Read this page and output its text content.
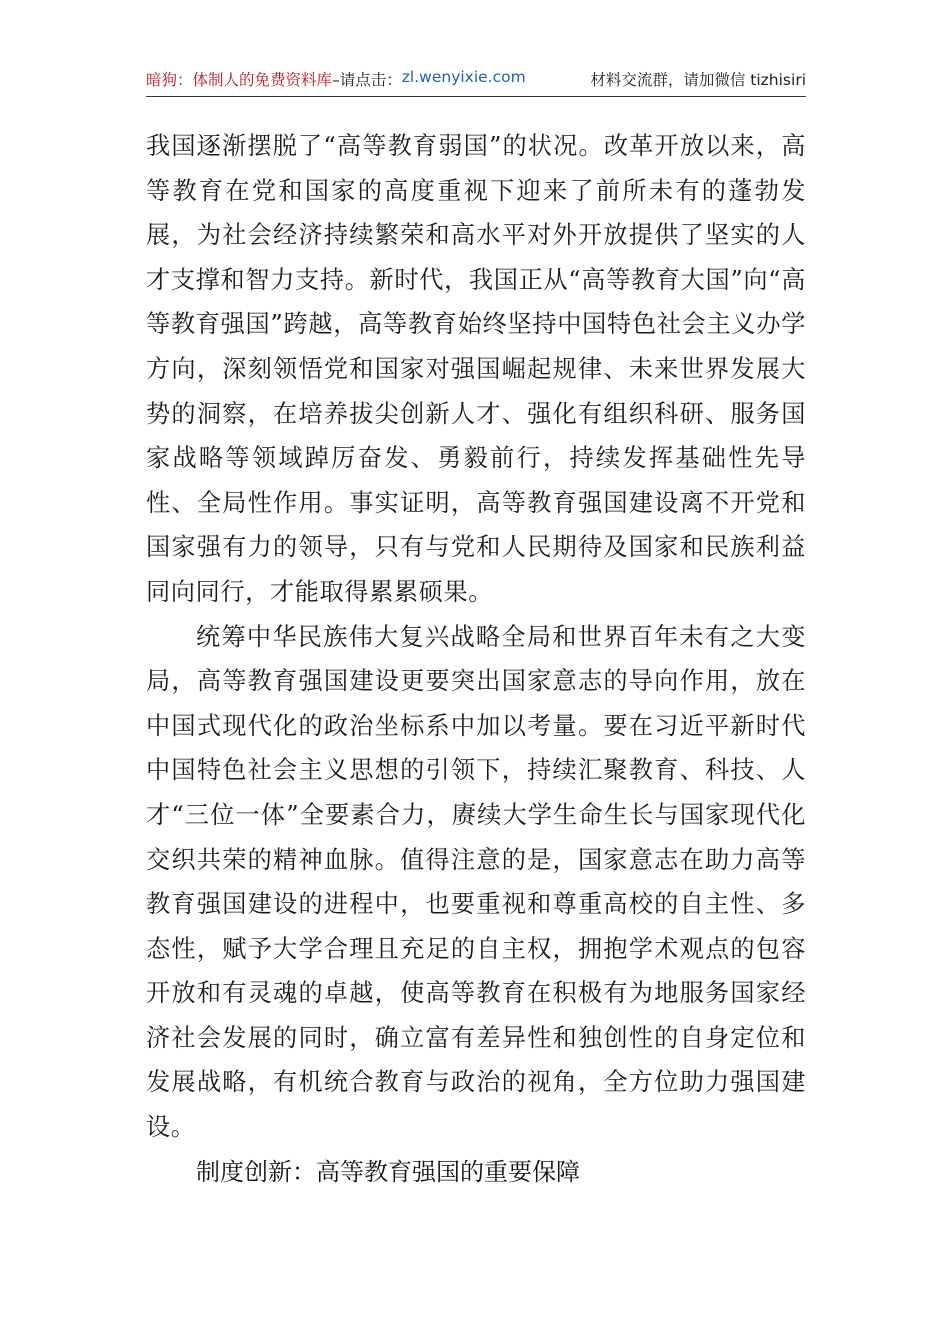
暗狗：体制人的免费资料库 –请点击： zl.wenyixie.com	材料交流群，请加微信 tizhisiri

我国逐渐摆脱了“高等教育弱国”的状况。改革开放以来，高等教育在党和国家的高度重视下迎来了前所未有的蓬勃发展，为社会经济持续繁荣和高水平对外开放提供了坚实的人才支撑和智力支持。新时代，我国正从“高等教育大国”向“高等教育强国”跨越，高等教育始终坚持中国特色社会主义办学方向，深刻领悟党和国家对强国崛起规律、未来世界发展大势的洞察，在培养拔尖创新人才、强化有组织科研、服务国家战略等领域踔厉奋发、勇毅前行，持续发挥基础性先导性、全局性作用。事实证明，高等教育强国建设离不开党和国家强有力的领导，只有与党和人民期待及国家和民族利益同向同行，才能取得累累硕果。

统筹中华民族伟大复兴战略全局和世界百年未有之大变局，高等教育强国建设更要突出国家意志的导向作用，放在中国式现代化的政治坐标系中加以考量。要在习近平新时代中国特色社会主义思想的引领下，持续汇聚教育、科技、人才“三位一体”全要素合力，赓续大学生命生长与国家现代化交织共荣的精神血脉。值得注意的是，国家意志在助力高等教育强国建设的进程中，也要重视和尊重高校的自主性、多态性，赋予大学合理且充足的自主权，拥抱学术观点的包容开放和有灵魂的卓越，使高等教育在积极有为地服务国家经济社会发展的同时，确立富有差异性和独创性的自身定位和发展战略，有机统合教育与政治的视角，全方位助力强国建设。

制度创新：高等教育强国的重要保障
